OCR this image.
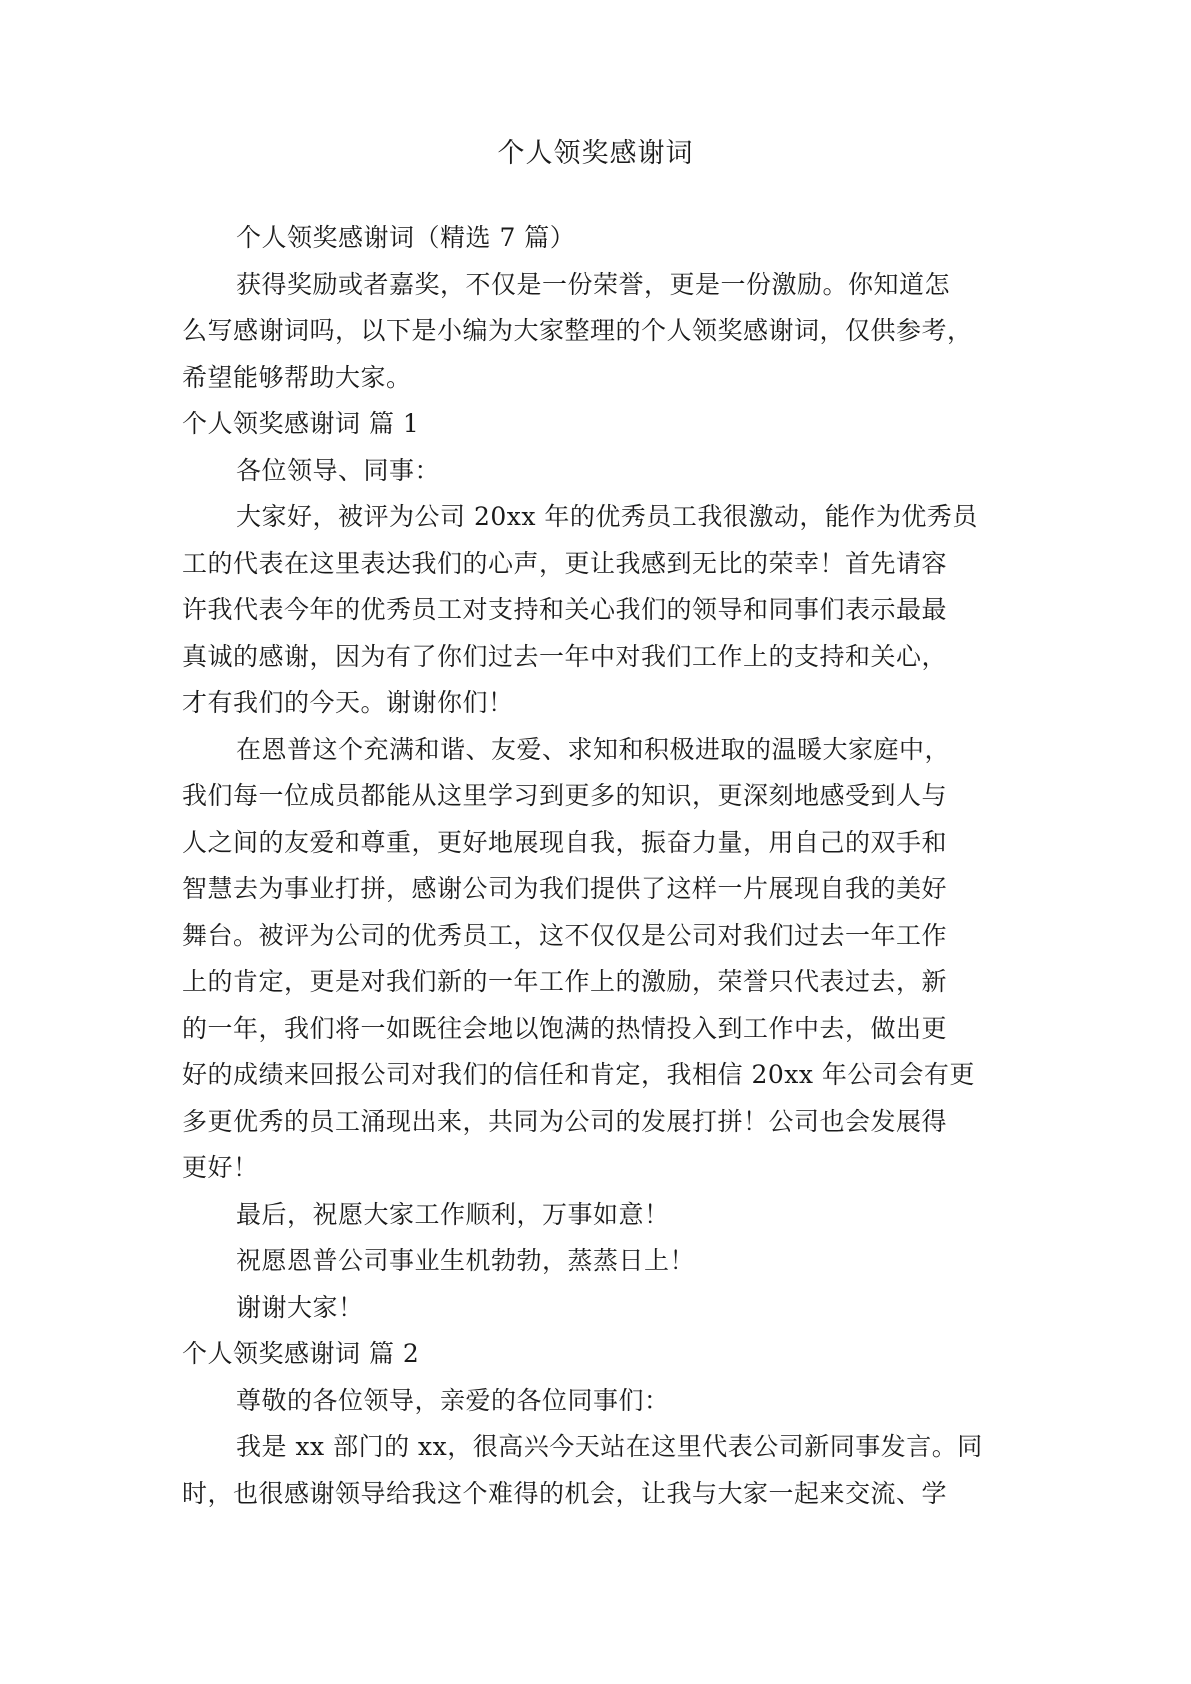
个人领奖感谢词
个人领奖感谢词（精选 7 篇）
获得奖励或者嘉奖，不仅是一份荣誉，更是一份激励。你知道怎
么写感谢词吗，以下是小编为大家整理的个人领奖感谢词，仅供参考，
希望能够帮助大家。
个人领奖感谢词 篇 1
各位领导、同事：
大家好，被评为公司 20xx 年的优秀员工我很激动，能作为优秀员
工的代表在这里表达我们的心声，更让我感到无比的荣幸！首先请容
许我代表今年的优秀员工对支持和关心我们的领导和同事们表示最最
真诚的感谢，因为有了你们过去一年中对我们工作上的支持和关心，
才有我们的今天。谢谢你们！
在恩普这个充满和谐、友爱、求知和积极进取的温暖大家庭中，
我们每一位成员都能从这里学习到更多的知识，更深刻地感受到人与
人之间的友爱和尊重，更好地展现自我，振奋力量，用自己的双手和
智慧去为事业打拼，感谢公司为我们提供了这样一片展现自我的美好
舞台。被评为公司的优秀员工，这不仅仅是公司对我们过去一年工作
上的肯定，更是对我们新的一年工作上的激励，荣誉只代表过去，新
的一年，我们将一如既往会地以饱满的热情投入到工作中去，做出更
好的成绩来回报公司对我们的信任和肯定，我相信 20xx 年公司会有更
多更优秀的员工涌现出来，共同为公司的发展打拼！公司也会发展得
更好！
最后，祝愿大家工作顺利，万事如意！
祝愿恩普公司事业生机勃勃，蒸蒸日上！
谢谢大家！
个人领奖感谢词 篇 2
尊敬的各位领导，亲爱的各位同事们：
我是 xx 部门的 xx，很高兴今天站在这里代表公司新同事发言。同
时，也很感谢领导给我这个难得的机会，让我与大家一起来交流、学
